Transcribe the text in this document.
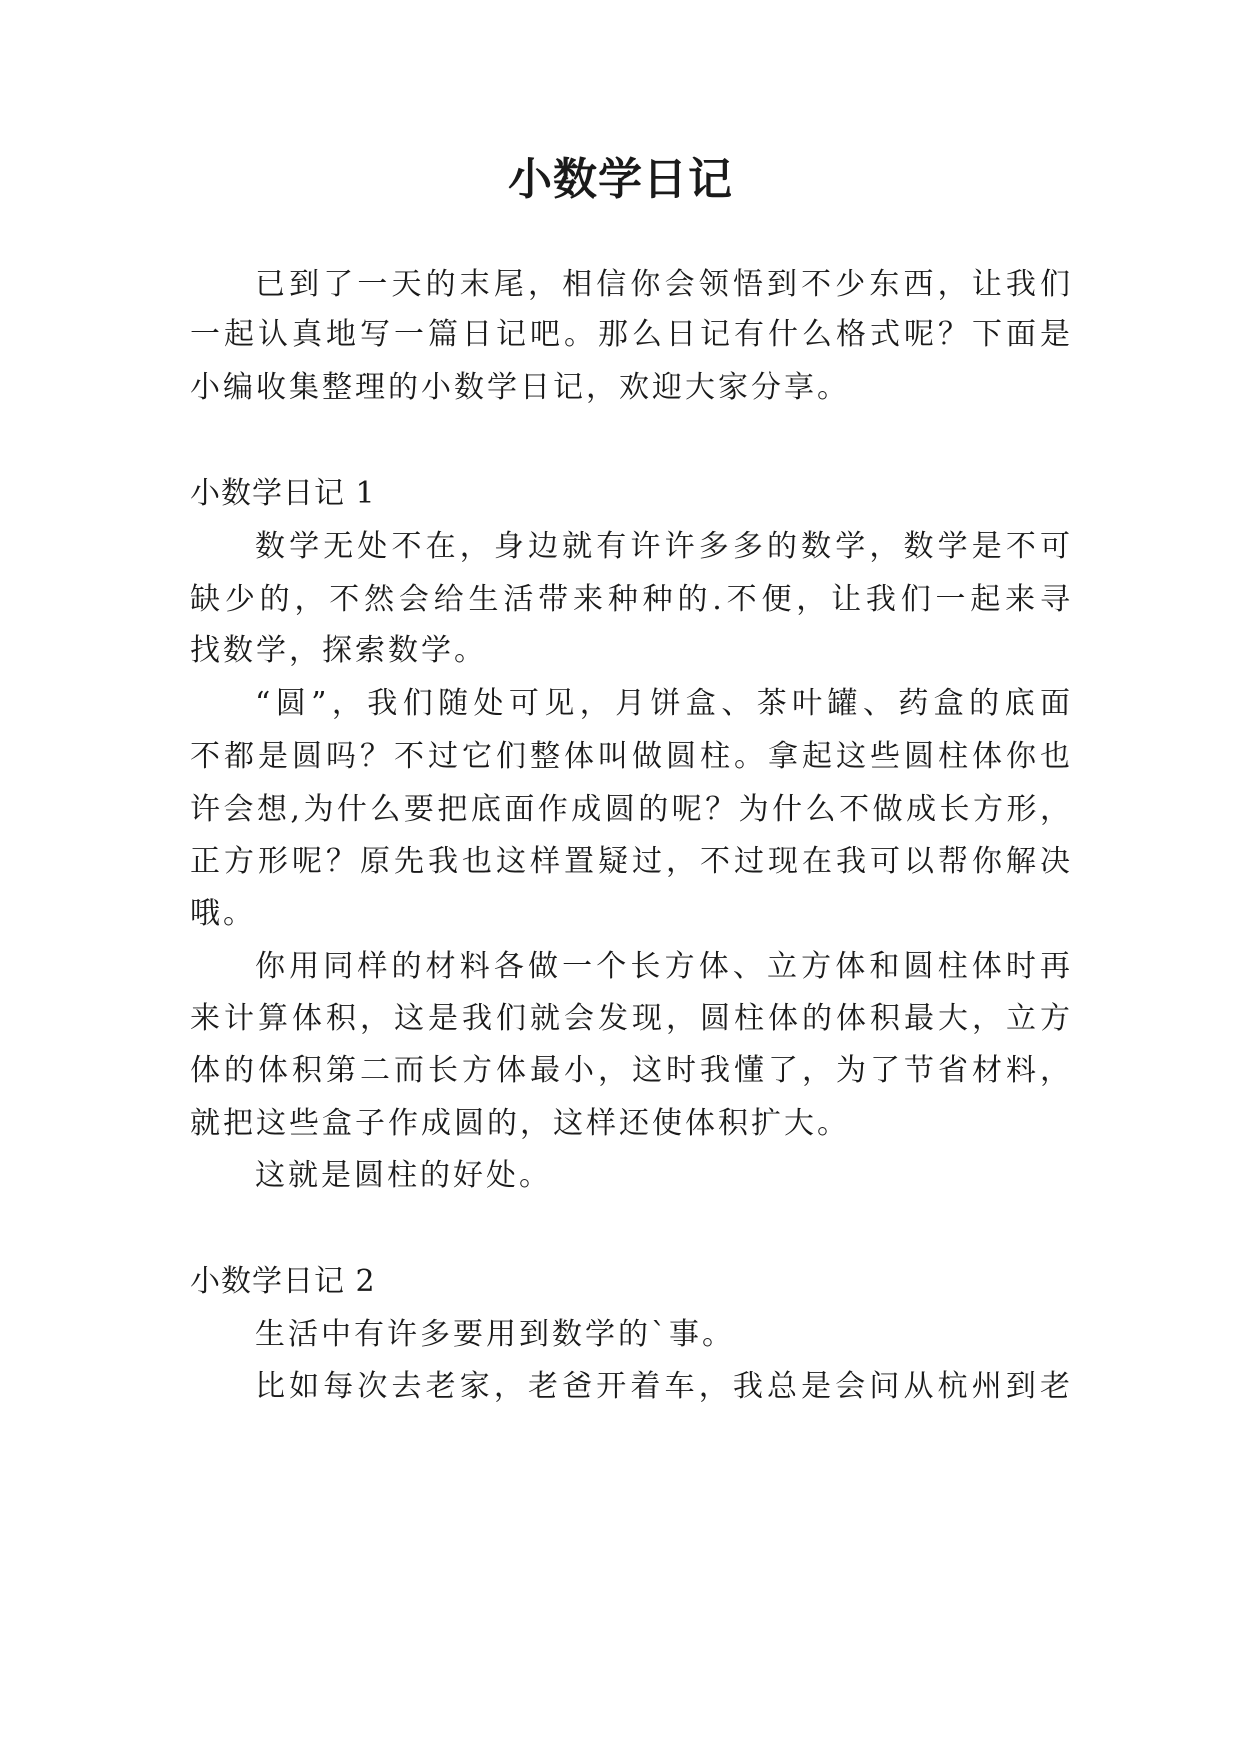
小数学日记
已到了一天的末尾，相信你会领悟到不少东西，让我们
一起认真地写一篇日记吧。那么日记有什么格式呢？下面是
小编收集整理的小数学日记，欢迎大家分享。
小数学日记 1
数学无处不在，身边就有许许多多的数学，数学是不可
缺少的，不然会给生活带来种种的.不便，让我们一起来寻
找数学，探索数学。
“圆”，我们随处可见，月饼盒、茶叶罐、药盒的底面
不都是圆吗？不过它们整体叫做圆柱。拿起这些圆柱体你也
许会想,为什么要把底面作成圆的呢？为什么不做成长方形，
正方形呢？原先我也这样置疑过，不过现在我可以帮你解决
哦。
你用同样的材料各做一个长方体、立方体和圆柱体时再
来计算体积，这是我们就会发现，圆柱体的体积最大，立方
体的体积第二而长方体最小，这时我懂了，为了节省材料，
就把这些盒子作成圆的，这样还使体积扩大。
这就是圆柱的好处。
小数学日记 2
生活中有许多要用到数学的`事。
比如每次去老家，老爸开着车，我总是会问从杭州到老
